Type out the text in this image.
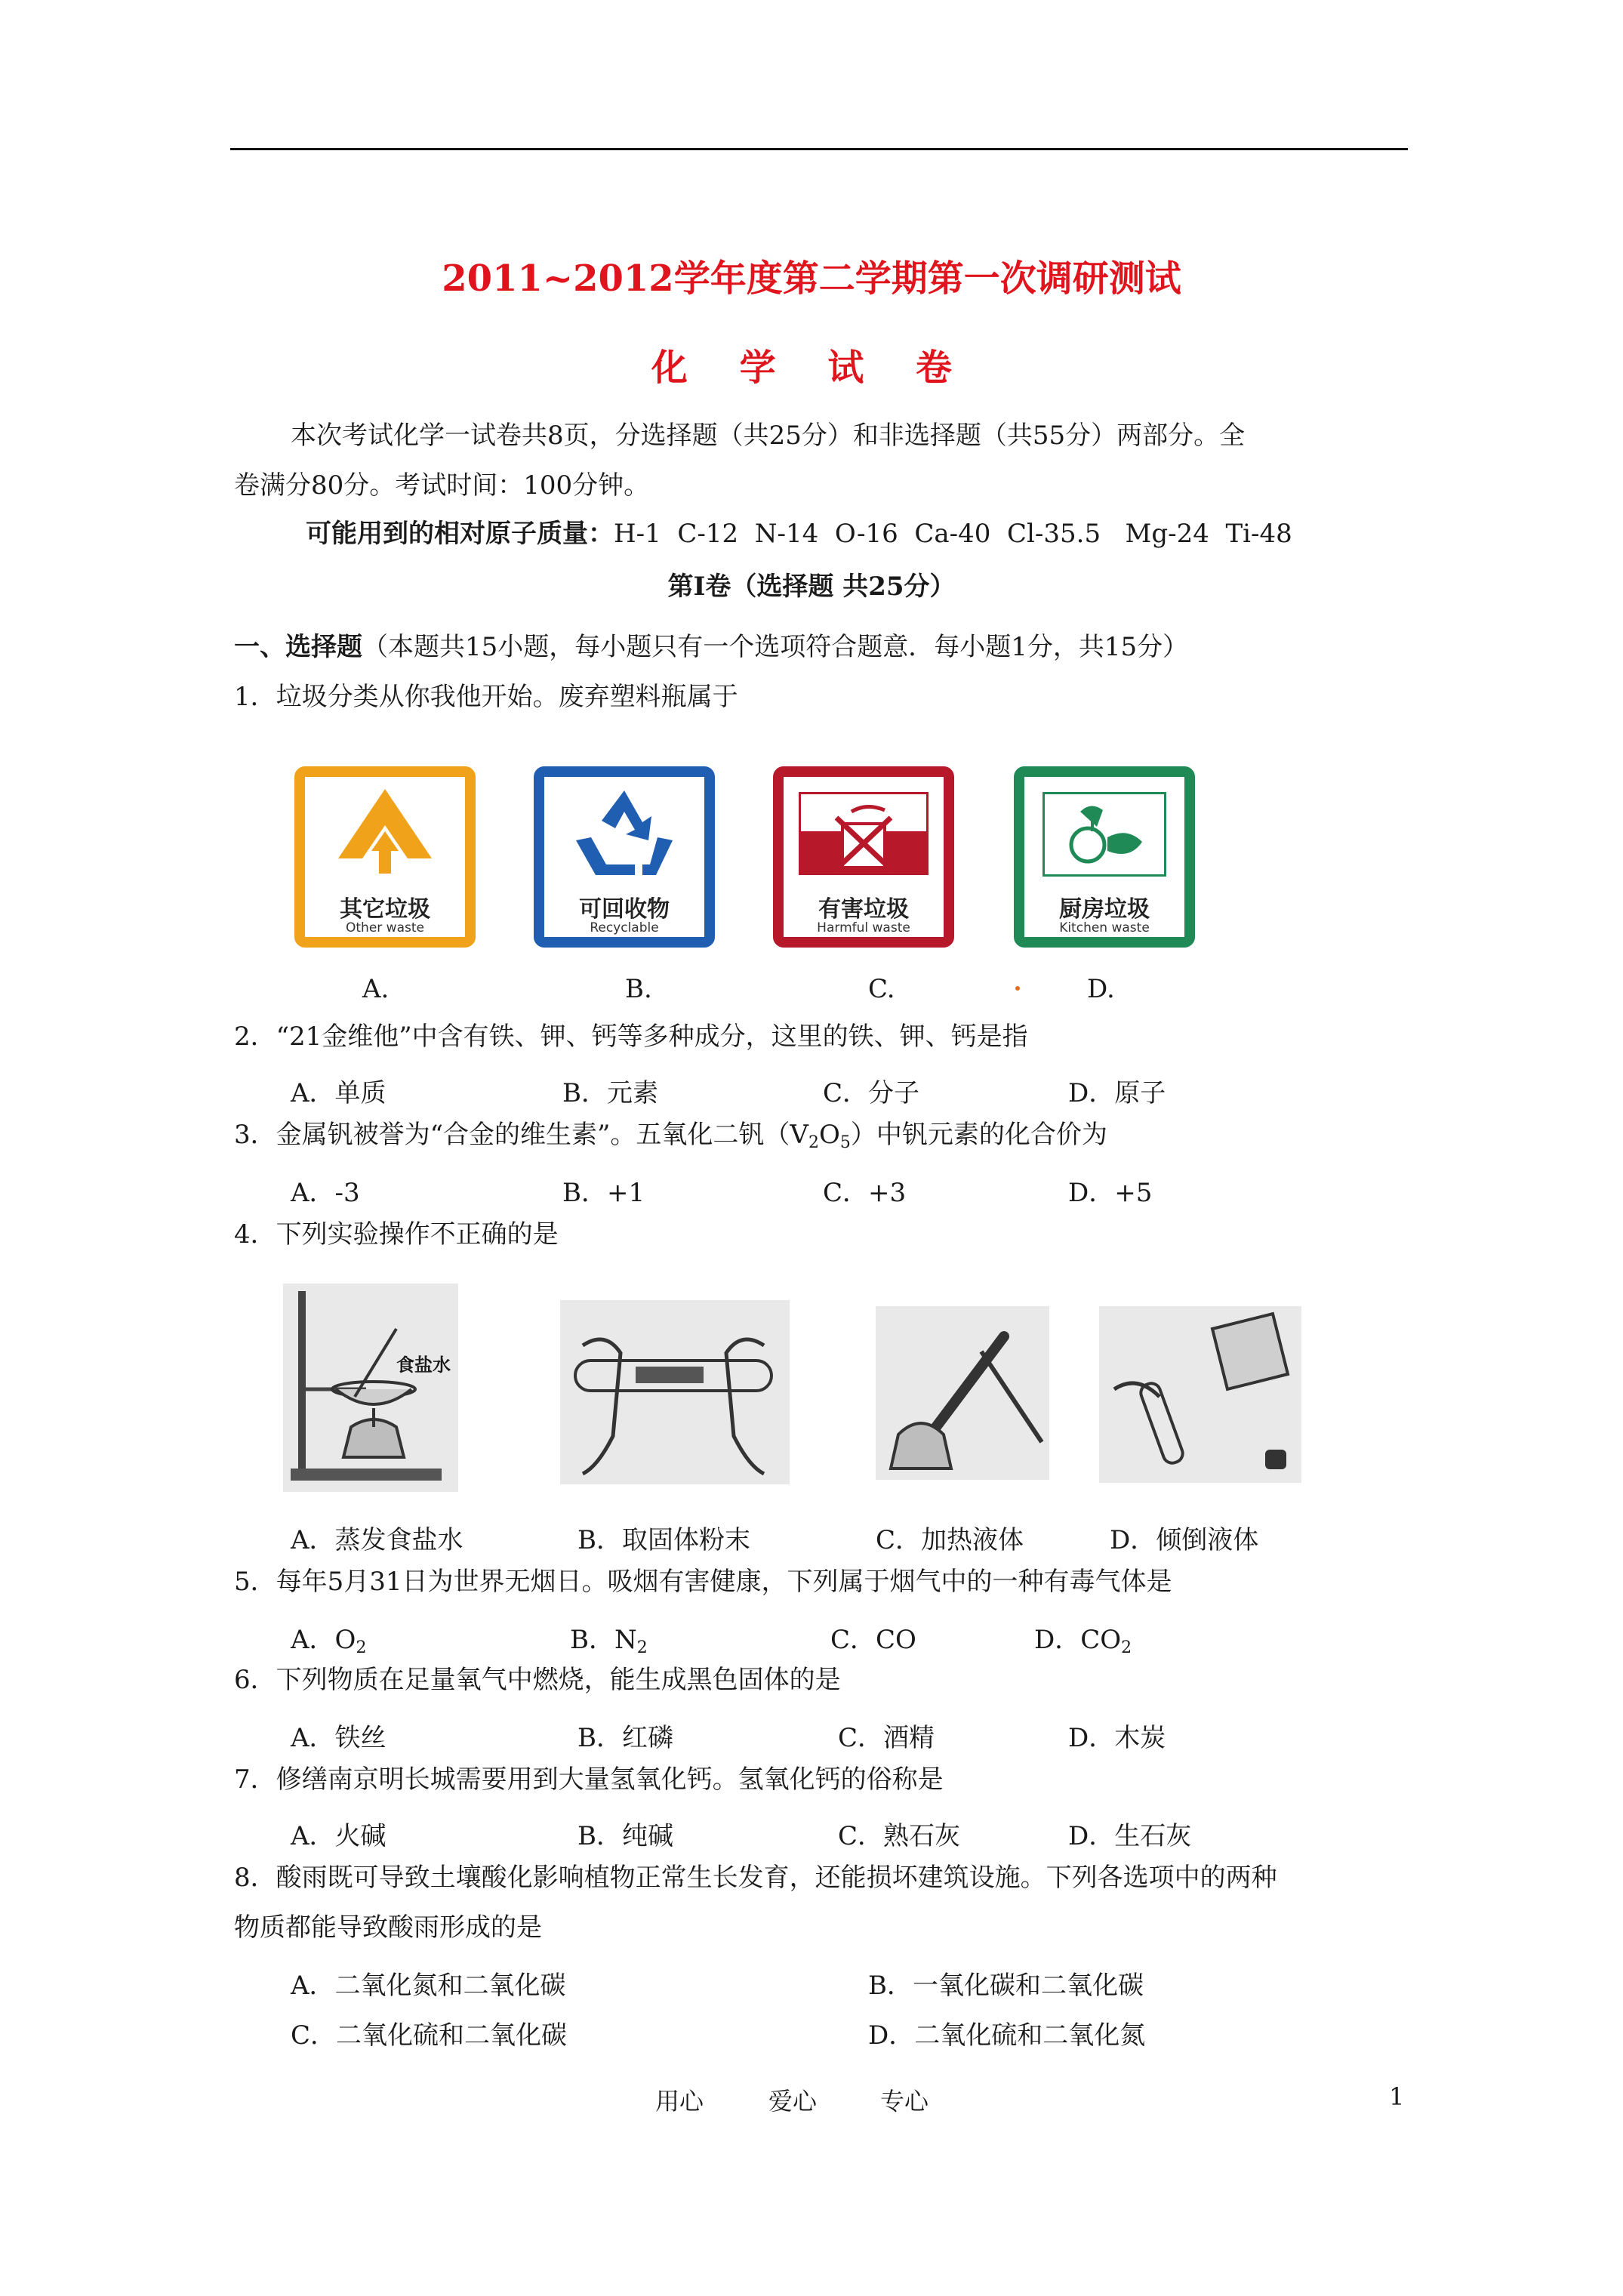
2011~2012学年度第二学期第一次调研测试
化 学 试 卷
本次考试化学一试卷共8页，分选择题（共25分）和非选择题（共55分）两部分。全
卷满分80分。考试时间：100分钟。
可能用到的相对原子质量：H-1  C-12  N-14  O-16  Ca-40  Cl-35.5   Mg-24  Ti-48
第Ⅰ卷（选择题 共25分）
一、选择题（本题共15小题，每小题只有一个选项符合题意．每小题1分，共15分）
1．垃圾分类从你我他开始。废弃塑料瓶属于
其它垃圾
Other waste
可回收物
Recyclable
有害垃圾
Harmful waste
厨房垃圾
Kitchen waste
A.	B.	C.	D.
2．“21金维他”中含有铁、钾、钙等多种成分，这里的铁、钾、钙是指
A．单质	B．元素	C．分子	D．原子
3．金属钒被誉为“合金的维生素”。五氧化二钒$(V_2O_5)$中钒元素的化合价为
A．-3	B．+1	C．+3	D．+5
4．下列实验操作不正确的是
食盐水
A．蒸发食盐水	B．取固体粉末	C．加热液体	D．倾倒液体
5．每年5月31日为世界无烟日。吸烟有害健康，下列属于烟气中的一种有毒气体是
A．$O_2$	B．$N_2$	C．CO	D．$CO_2$
6．下列物质在足量氧气中燃烧，能生成黑色固体的是
A．铁丝	B．红磷	C．酒精	D．木炭
7．修缮南京明长城需要用到大量氢氧化钙。氢氧化钙的俗称是
A．火碱	B．纯碱	C．熟石灰	D．生石灰
8．酸雨既可导致土壤酸化影响植物正常生长发育，还能损坏建筑设施。下列各选项中的两种
物质都能导致酸雨形成的是
A．二氧化氮和二氧化碳	B．一氧化碳和二氧化碳
C．二氧化硫和二氧化碳	D．二氧化硫和二氧化氮
用心	爱心	专心	1
